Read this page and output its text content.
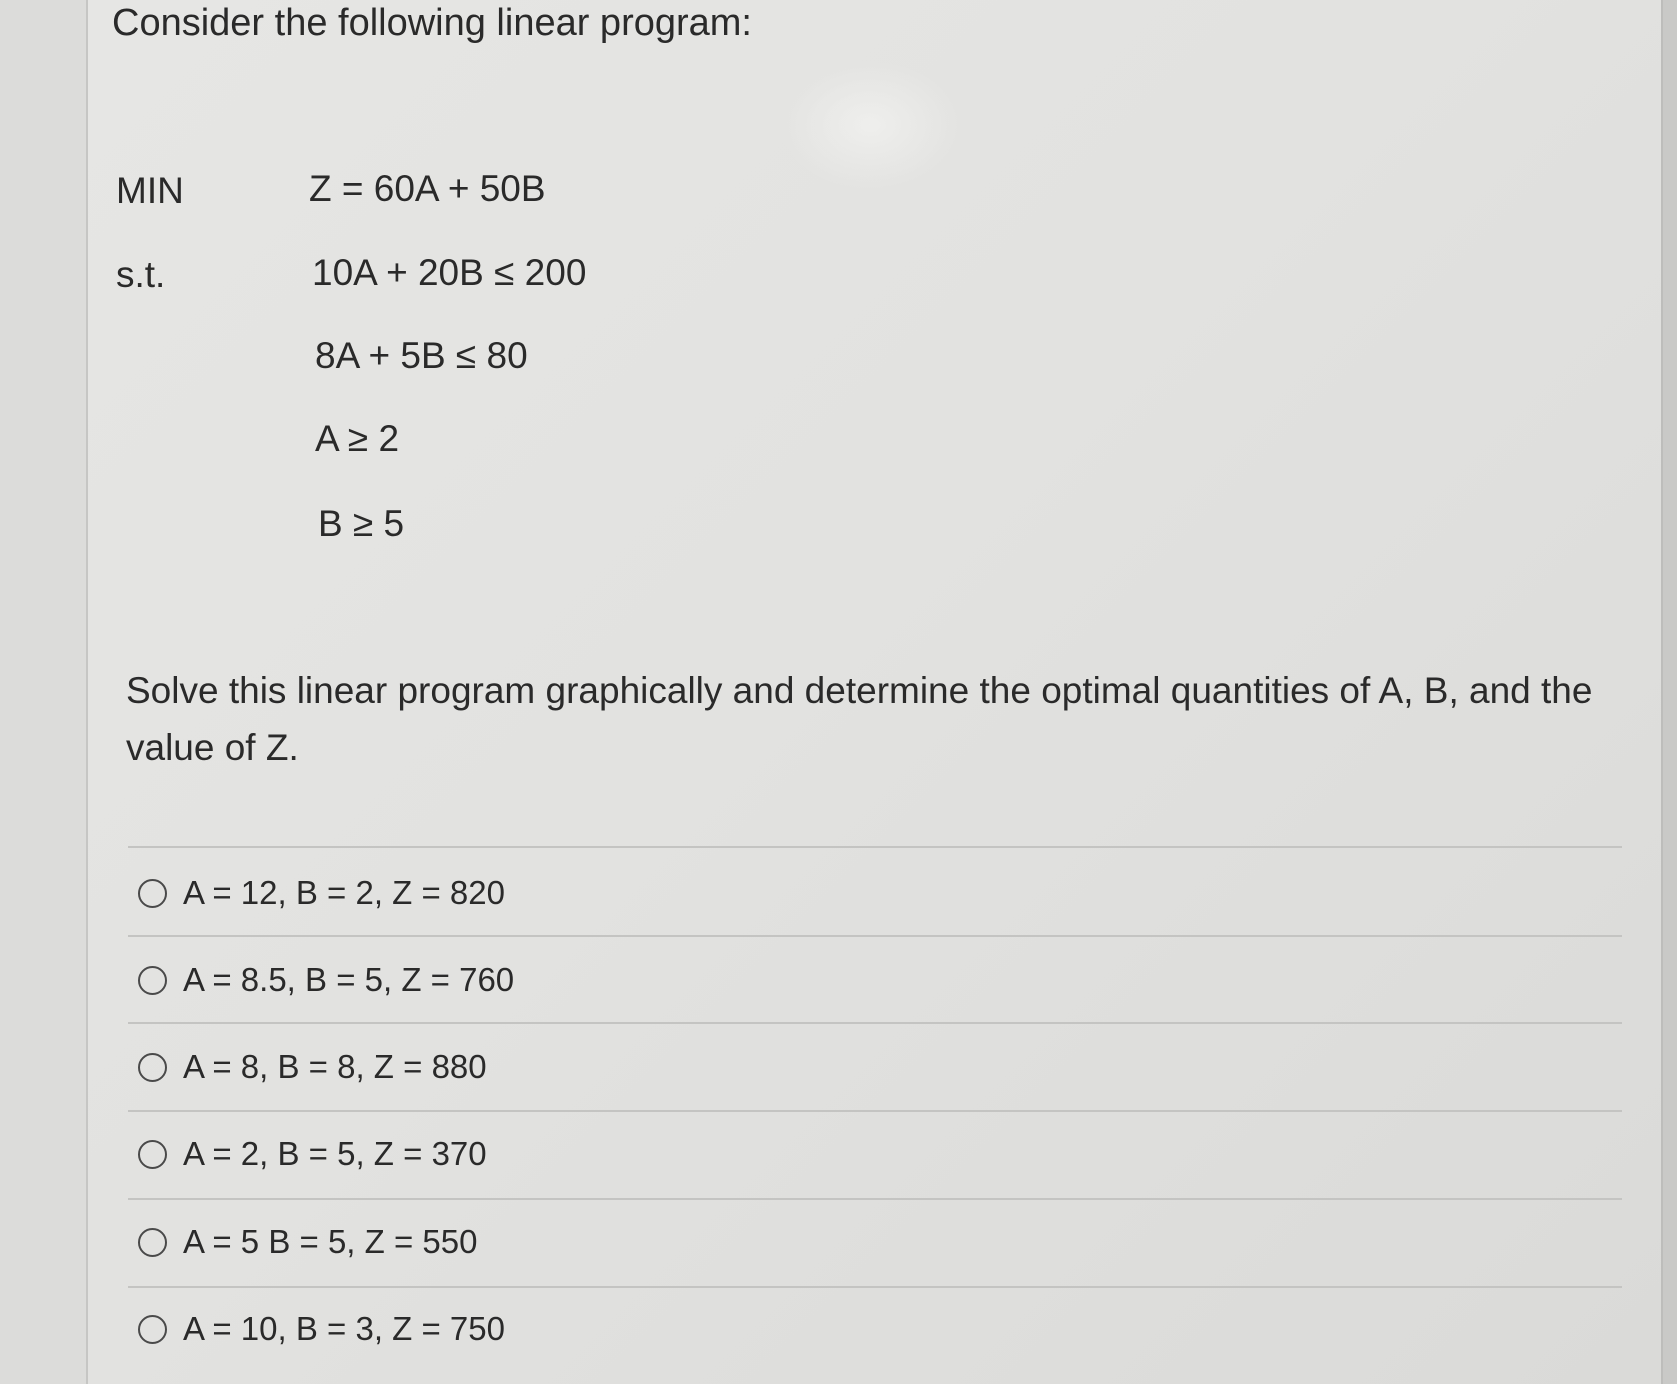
Consider the following linear program:
MIN	Z = 60A + 50B
s.t.	10A + 20B ≤ 200
8A + 5B ≤ 80
A ≥ 2
B ≥ 5
Solve this linear program graphically and determine the optimal quantities of A, B, and the value of Z.
A = 12, B = 2, Z = 820
A = 8.5, B = 5, Z = 760
A = 8, B = 8, Z = 880
A = 2, B = 5, Z = 370
A = 5 B = 5, Z = 550
A = 10, B = 3, Z = 750
